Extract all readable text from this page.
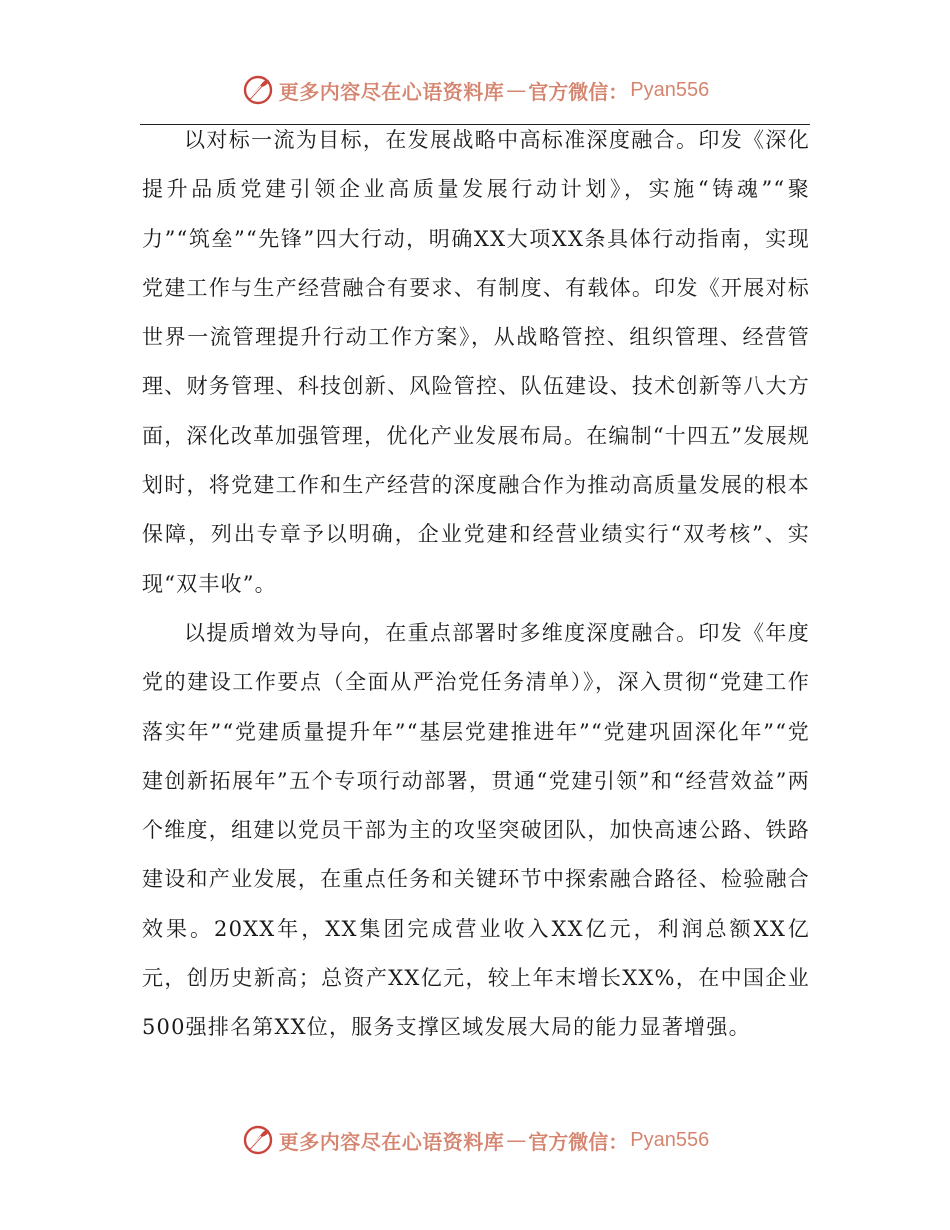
更多内容尽在心语资料库 — 官方微信： Pyan556

以对标一流为目标，在发展战略中高标准深度融合。印发《深化提升品质党建引领企业高质量发展行动计划》，实施“铸魂”“聚力”“筑垒”“先锋”四大行动，明确XX大项XX条具体行动指南，实现党建工作与生产经营融合有要求、有制度、有载体。印发《开展对标世界一流管理提升行动工作方案》，从战略管控、组织管理、经营管理、财务管理、科技创新、风险管控、队伍建设、技术创新等八大方面，深化改革加强管理，优化产业发展布局。在编制“十四五”发展规划时，将党建工作和生产经营的深度融合作为推动高质量发展的根本保障，列出专章予以明确，企业党建和经营业绩实行“双考核”、实现“双丰收”。

以提质增效为导向，在重点部署时多维度深度融合。印发《年度党的建设工作要点（全面从严治党任务清单）》，深入贯彻“党建工作落实年”“党建质量提升年”“基层党建推进年”“党建巩固深化年”“党建创新拓展年”五个专项行动部署，贯通“党建引领”和“经营效益”两个维度，组建以党员干部为主的攻坚突破团队，加快高速公路、铁路建设和产业发展，在重点任务和关键环节中探索融合路径、检验融合效果。20XX年，XX集团完成营业收入XX亿元，利润总额XX亿元，创历史新高；总资产XX亿元，较上年末增长XX%，在中国企业500强排名第XX位，服务支撑区域发展大局的能力显著增强。

更多内容尽在心语资料库 — 官方微信： Pyan556
